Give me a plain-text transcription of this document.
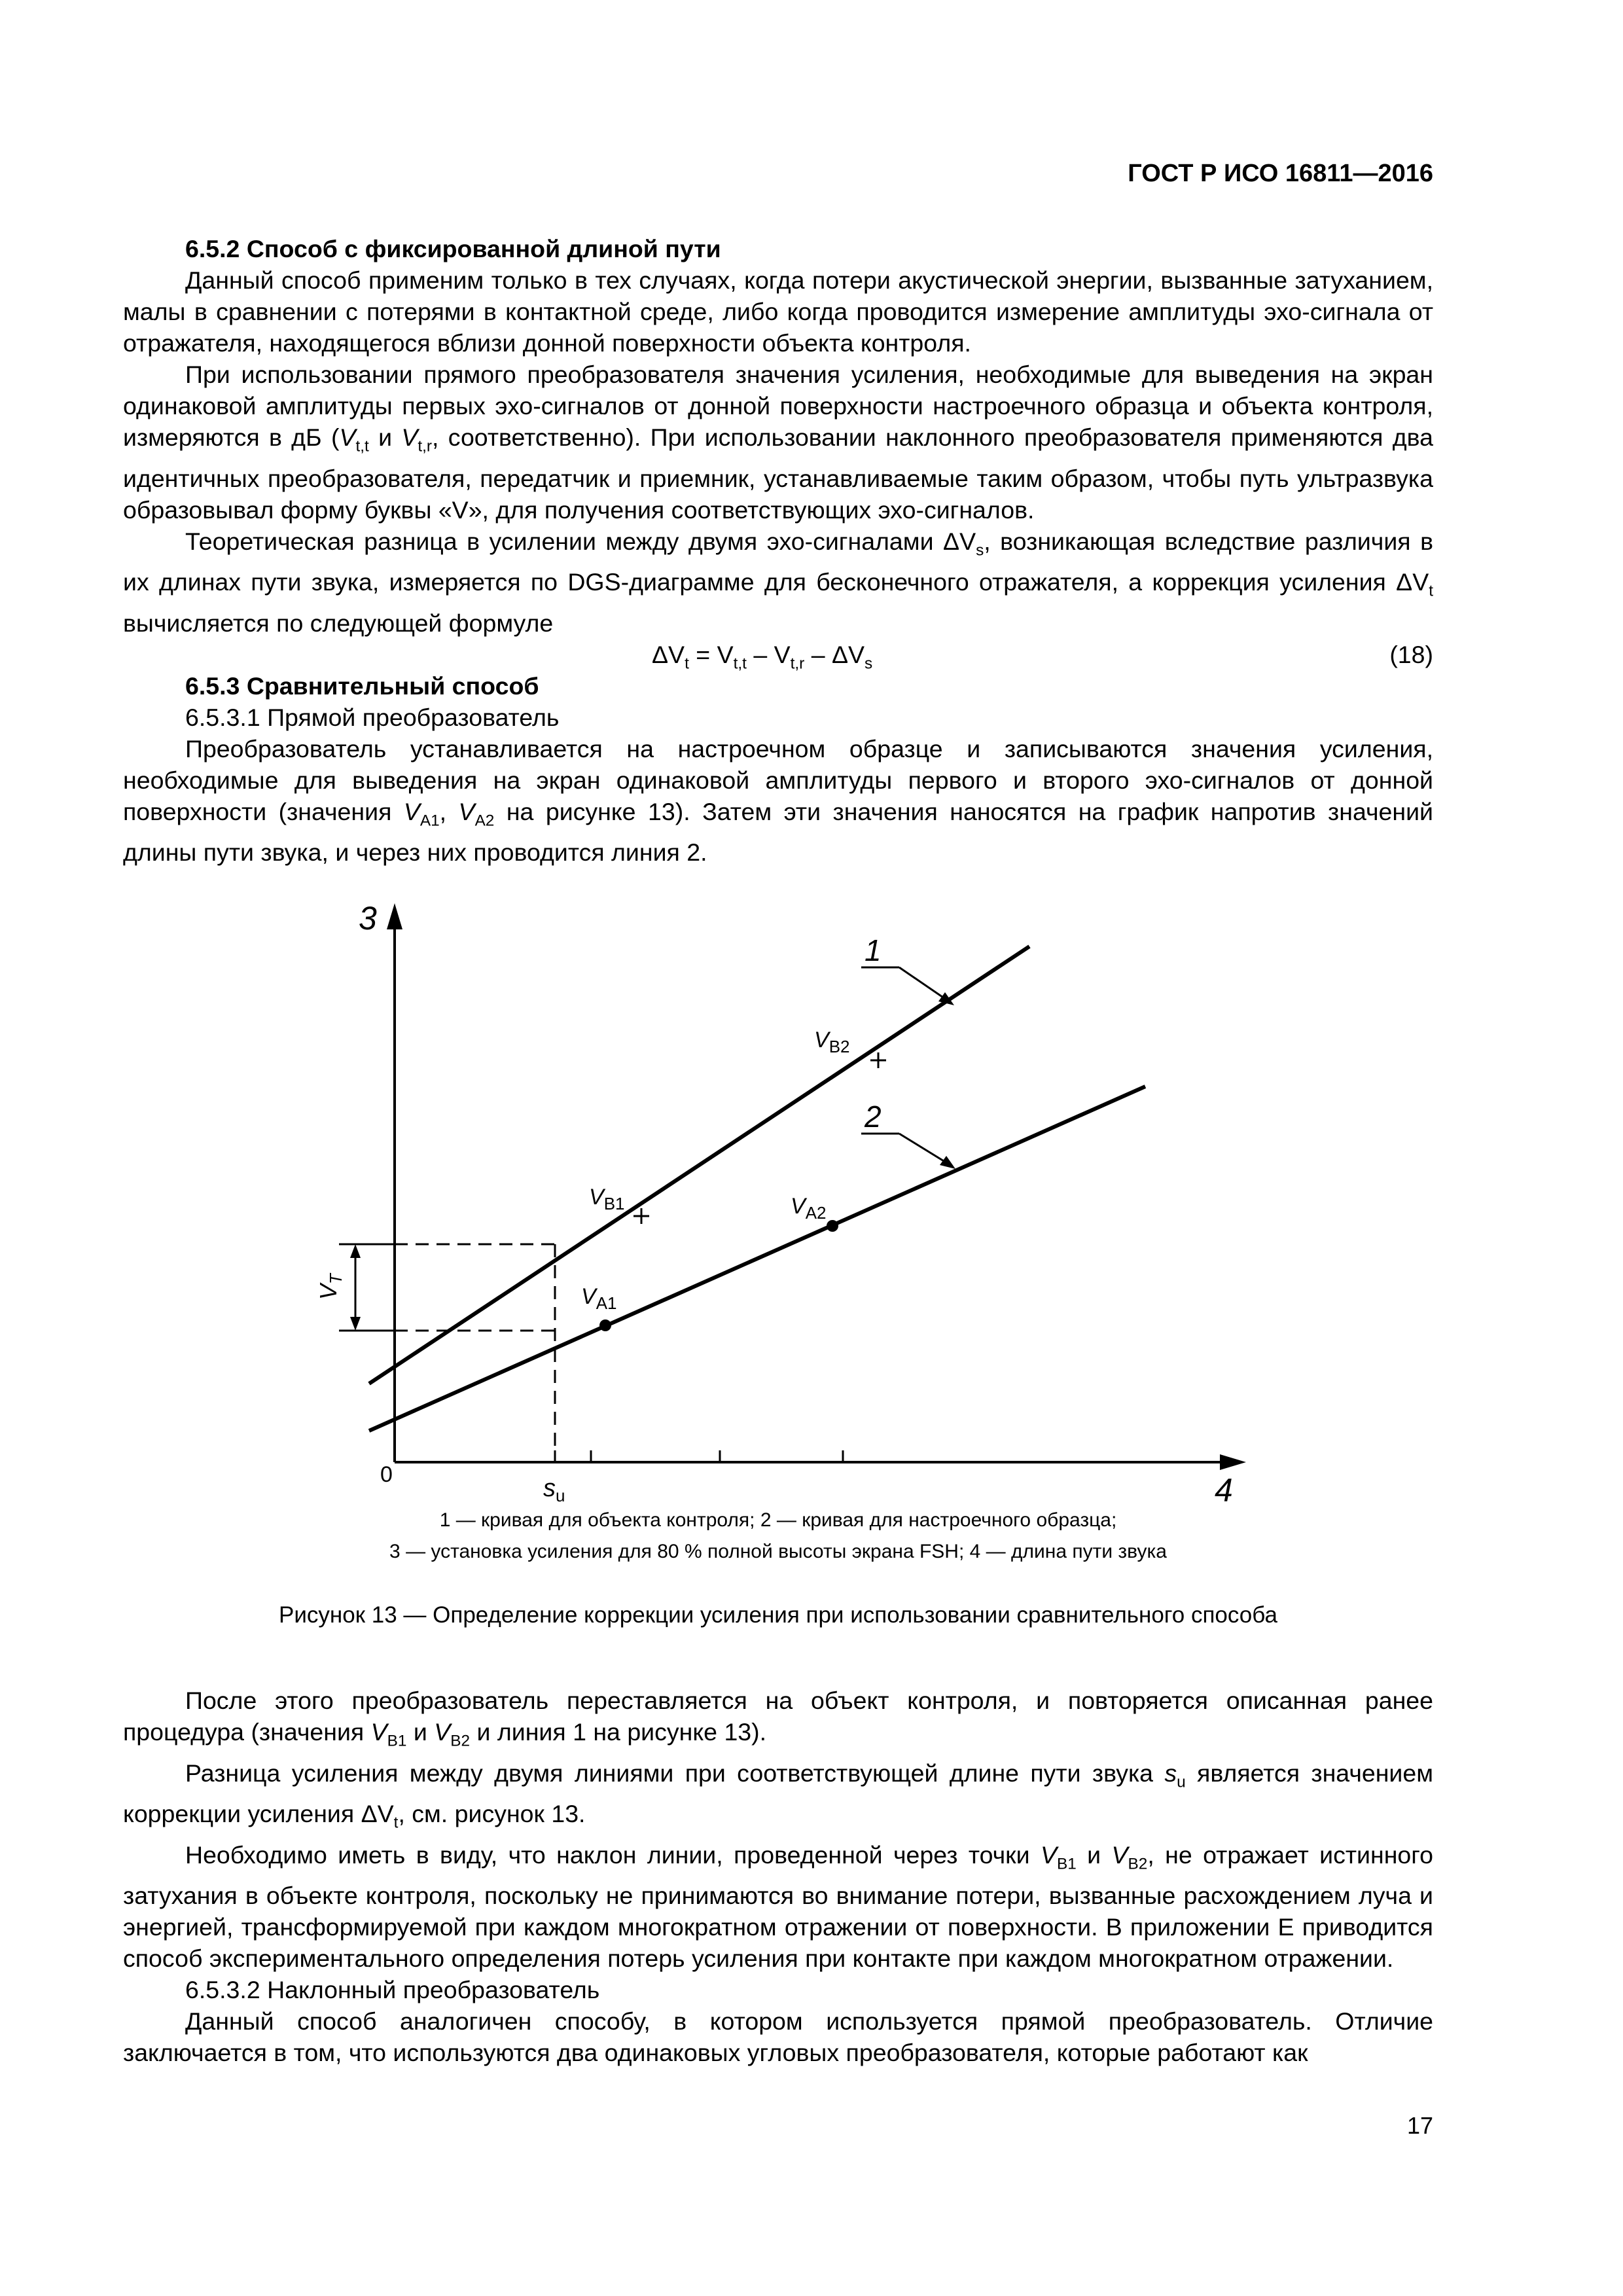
ГОСТ Р ИСО 16811—2016
6.5.2 Способ с фиксированной длиной пути

Данный способ применим только в тех случаях, когда потери акустической энергии, вызванные затуханием, малы в сравнении с потерями в контактной среде, либо когда проводится измерение амплитуды эхо-сигнала от отражателя, находящегося вблизи донной поверхности объекта контроля.

При использовании прямого преобразователя значения усиления, необходимые для выведения на экран одинаковой амплитуды первых эхо-сигналов от донной поверхности настроечного образца и объекта контроля, измеряются в дБ ($V_{t,t}$ и $V_{t,r}$, соответственно). При использовании наклонного преобразователя применяются два идентичных преобразователя, передатчик и приемник, устанавливаемые таким образом, чтобы путь ультразвука образовывал форму буквы «V», для получения соответствующих эхо-сигналов.

Теоретическая разница в усилении между двумя эхо-сигналами $\Delta V_s$, возникающая вследствие различия в их длинах пути звука, измеряется по DGS-диаграмме для бесконечного отражателя, а коррекция усиления $\Delta V_t$ вычисляется по следующей формуле

$\Delta V_t = V_{t,t} - V_{t,r} - \Delta V_s$	(18)
6.5.3 Сравнительный способ

6.5.3.1 Прямой преобразователь

Преобразователь устанавливается на настроечном образце и записываются значения усиления, необходимые для выведения на экран одинаковой амплитуды первого и второго эхо-сигналов от донной поверхности (значения $V_{A1}$, $V_{A2}$ на рисунке 13). Затем эти значения наносятся на график напротив значений длины пути звука, и через них проводится линия 2.

$V_T$
$V_{B1}$
$V_{B2}$
$V_{A1}$
$V_{A2}$
1
2
3
4
0	$s_u$
1 — кривая для объекта контроля; 2 — кривая для настроечного образца;
3 — установка усиления для 80 % полной высоты экрана FSH; 4 — длина пути звука
Рисунок 13 — Определение коррекции усиления при использовании сравнительного способа

После этого преобразователь переставляется на объект контроля, и повторяется описанная ранее процедура (значения $V_{B1}$ и $V_{B2}$ и линия 1 на рисунке 13).

Разница усиления между двумя линиями при соответствующей длине пути звука $s_u$ является значением коррекции усиления $\Delta V_t$, см. рисунок 13.

Необходимо иметь в виду, что наклон линии, проведенной через точки $V_{B1}$ и $V_{B2}$, не отражает истинного затухания в объекте контроля, поскольку не принимаются во внимание потери, вызванные расхождением луча и энергией, трансформируемой при каждом многократном отражении от поверхности. В приложении Е приводится способ экспериментального определения потерь усиления при контакте при каждом многократном отражении.

6.5.3.2 Наклонный преобразователь

Данный способ аналогичен способу, в котором используется прямой преобразователь. Отличие заключается в том, что используются два одинаковых угловых преобразователя, которые работают как

17
